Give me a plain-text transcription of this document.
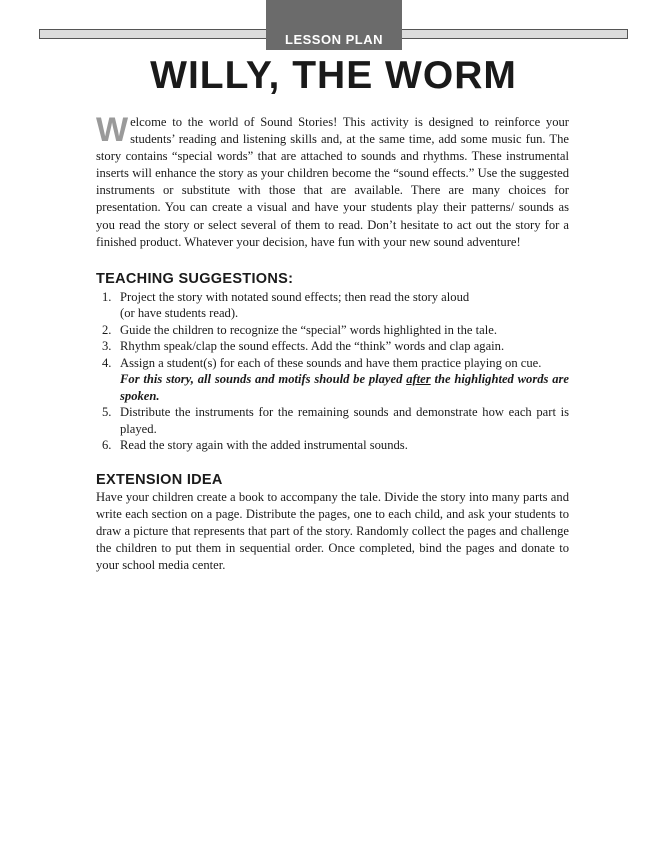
LESSON PLAN
WILLY, THE WORM

Welcome to the world of Sound Stories! This activity is designed to reinforce your students’ reading and listening skills and, at the same time, add some music fun. The story contains “special words” that are attached to sounds and rhythms. These instrumental inserts will enhance the story as your children become the “sound effects.” Use the suggested instruments or substitute with those that are available. There are many choices for presentation. You can create a visual and have your students play their patterns/ sounds as you read the story or select several of them to read. Don’t hesitate to act out the story for a finished product. Whatever your decision, have fun with your new sound adventure!

TEACHING SUGGESTIONS:
1. Project the story with notated sound effects; then read the story aloud
(or have students read).
2. Guide the children to recognize the “special” words highlighted in the tale.
3. Rhythm speak/clap the sound effects. Add the “think” words and clap again.
4. Assign a student(s) for each of these sounds and have them practice playing on cue.
For this story, all sounds and motifs should be played after the highlighted words are spoken.
5. Distribute the instruments for the remaining sounds and demonstrate how each part is played.
6. Read the story again with the added instrumental sounds.
EXTENSION IDEA

Have your children create a book to accompany the tale. Divide the story into many parts and write each section on a page. Distribute the pages, one to each child, and ask your students to draw a picture that represents that part of the story. Randomly collect the pages and challenge the children to put them in sequential order. Once completed, bind the pages and donate to your school media center.
